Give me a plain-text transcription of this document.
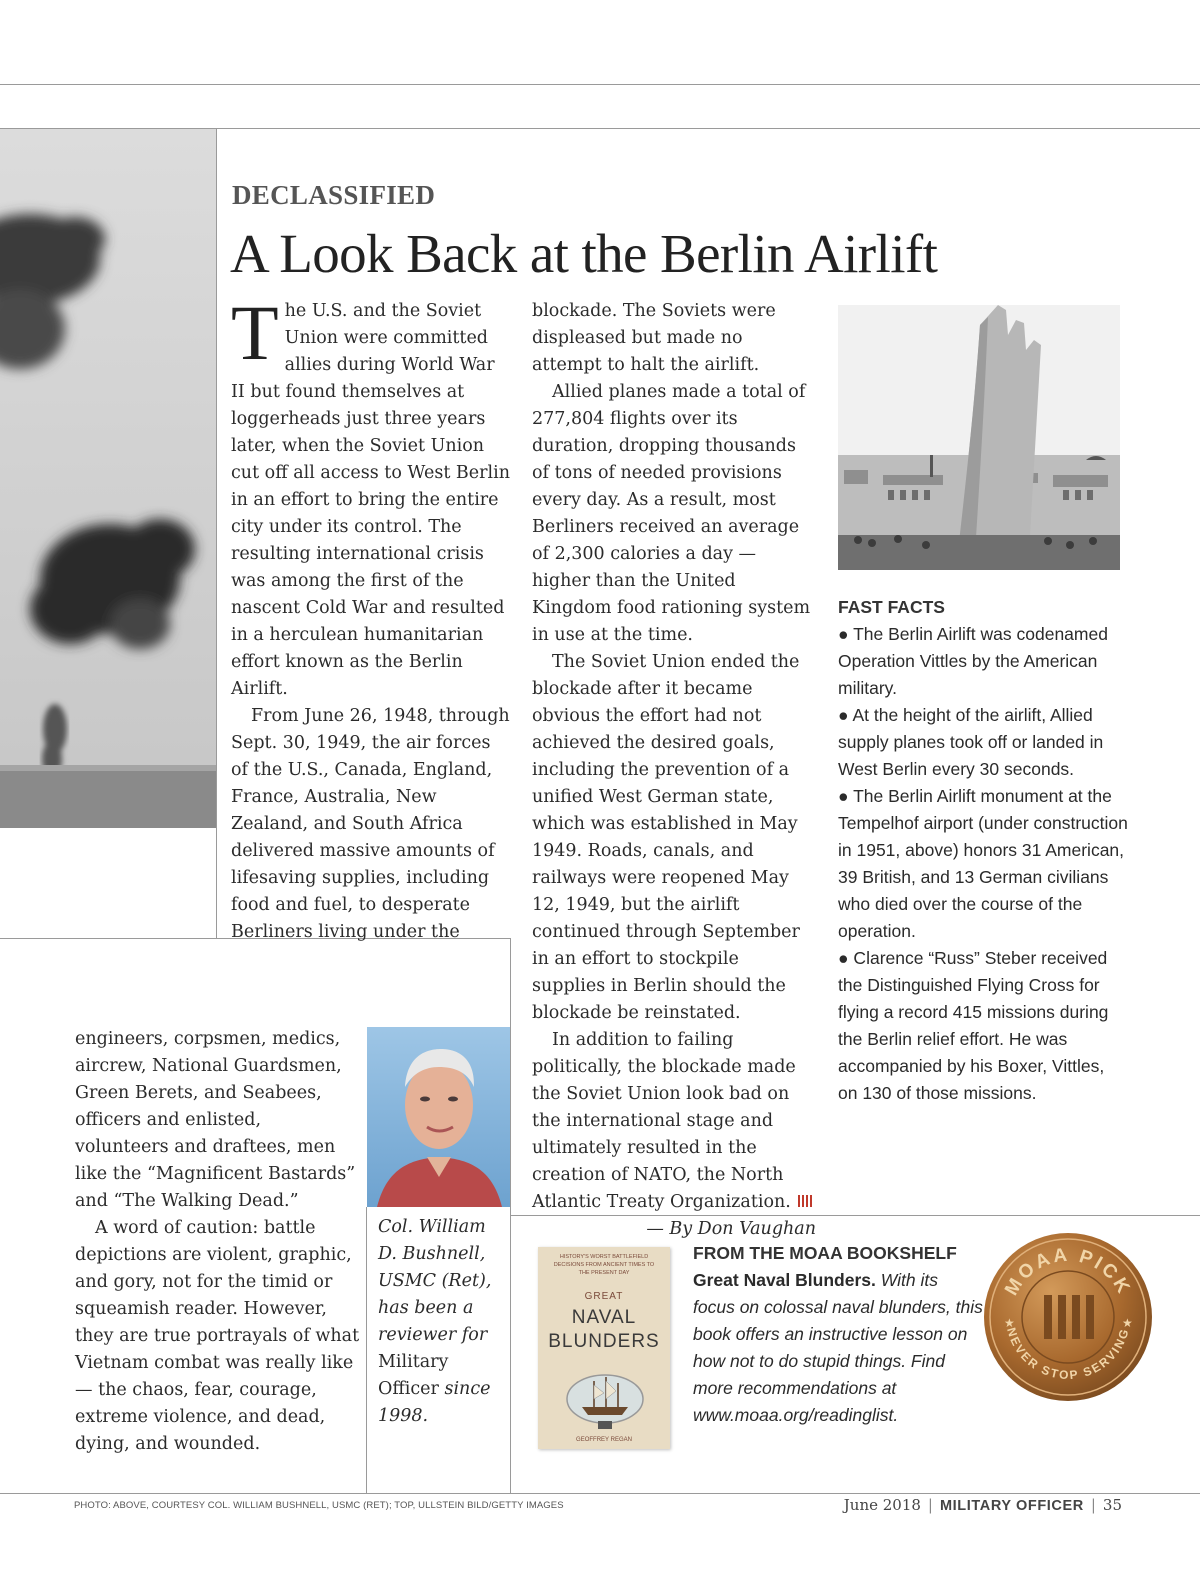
DECLASSIFIED
A Look Back at the Berlin Airlift

The U.S. and the Soviet Union were committed allies during World War II but found themselves at loggerheads just three years later, when the Soviet Union cut off all access to West Berlin in an effort to bring the entire city under its control. The resulting international crisis was among the first of the nascent Cold War and resulted in a herculean humanitarian effort known as the Berlin Airlift.

From June 26, 1948, through Sept. 30, 1949, the air forces of the U.S., Canada, England, France, Australia, New Zealand, and South Africa delivered massive amounts of lifesaving supplies, including food and fuel, to desperate Berliners living under the

blockade. The Soviets were displeased but made no attempt to halt the airlift.

Allied planes made a total of 277,804 flights over its duration, dropping thousands of tons of needed provisions every day. As a result, most Berliners received an average of 2,300 calories a day — higher than the United Kingdom food rationing system in use at the time.

The Soviet Union ended the blockade after it became obvious the effort had not achieved the desired goals, including the prevention of a unified West German state, which was established in May 1949. Roads, canals, and railways were reopened May 12, 1949, but the airlift continued through September in an effort to stockpile supplies in Berlin should the blockade be reinstated.

In addition to failing politically, the blockade made the Soviet Union look bad on the international stage and ultimately resulted in the creation of NATO, the North Atlantic Treaty Organization.

— By Don Vaughan

FAST FACTS

● The Berlin Airlift was codenamed Operation Vittles by the American military.

● At the height of the airlift, Allied supply planes took off or landed in West Berlin every 30 seconds.

● The Berlin Airlift monument at the Tempelhof airport (under construction in 1951, above) honors 31 American, 39 British, and 13 German civilians who died over the course of the operation.

● Clarence “Russ” Steber received the Distinguished Flying Cross for flying a record 415 missions during the Berlin relief effort. He was accompanied by his Boxer, Vittles, on 130 of those missions.

engineers, corpsmen, medics, aircrew, National Guardsmen, Green Berets, and Seabees, officers and enlisted, volunteers and draftees, men like the “Magnificent Bastards” and “The Walking Dead.”

A word of caution: battle depictions are violent, graphic, and gory, not for the timid or squeamish reader. However, they are true portrayals of what Vietnam combat was really like — the chaos, fear, courage, extreme violence, and dead, dying, and wounded.

Col. William D. Bushnell, USMC (Ret), has been a reviewer for Military Officer since 1998.
HISTORY'S WORST BATTLEFIELD DECISIONS FROM ANCIENT TIMES TO THE PRESENT DAY
GREAT
NAVAL
BLUNDERS
GEOFFREY REGAN
FROM THE MOAA BOOKSHELF
Great Naval Blunders. With its focus on colossal naval blunders, this book offers an instructive lesson on how not to do stupid things. Find more recommendations at www.moaa.org/readinglist.
MOAA PICK
NEVER STOP SERVING
★	★
PHOTO: ABOVE, COURTESY COL. WILLIAM BUSHNELL, USMC (RET); TOP, ULLSTEIN BILD/GETTY IMAGES	June 2018 | MILITARY OFFICER | 35
